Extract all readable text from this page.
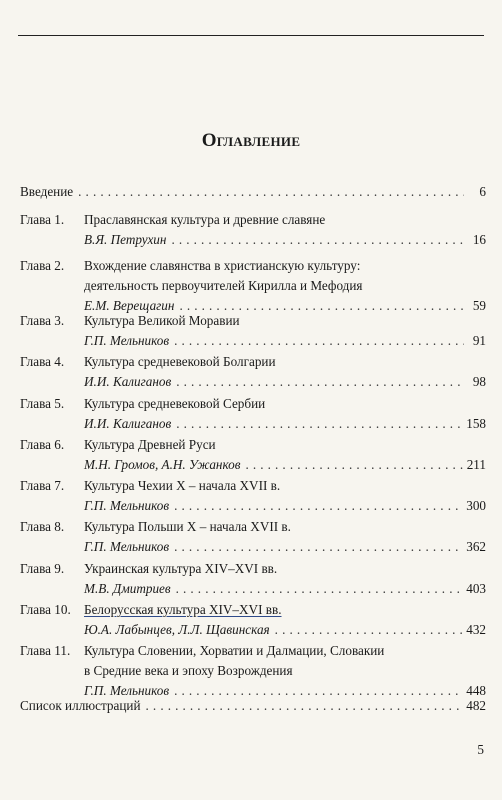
Оглавление
Введение . . .	6
Глава 1.	Праславянская культура и древние славяне
В.Я. Петрухин . . .	16
Глава 2.	Вхождение славянства в христианскую культуру:
деятельность первоучителей Кирилла и Мефодия
Е.М. Верещагин . . .	59
Глава 3.	Культура Великой Моравии
Г.П. Мельников . . .	91
Глава 4.	Культура средневековой Болгарии
И.И. Калиганов . . .	98
Глава 5.	Культура средневековой Сербии
И.И. Калиганов . . .	158
Глава 6.	Культура Древней Руси
М.Н. Громов, А.Н. Ужанков . . .	211
Глава 7.	Культура Чехии X – начала XVII в.
Г.П. Мельников . . .	300
Глава 8.	Культура Польши X – начала XVII в.
Г.П. Мельников . . .	362
Глава 9.	Украинская культура XIV–XVI вв.
М.В. Дмитриев . . .	403
Глава 10.	Белорусская культура XIV–XVI вв.
Ю.А. Лабынцев, Л.Л. Щавинская . . .	432
Глава 11.	Культура Словении, Хорватии и Далмации, Словакии
в Средние века и эпоху Возрождения
Г.П. Мельников . . .	448
Список иллюстраций . . .	482
5
